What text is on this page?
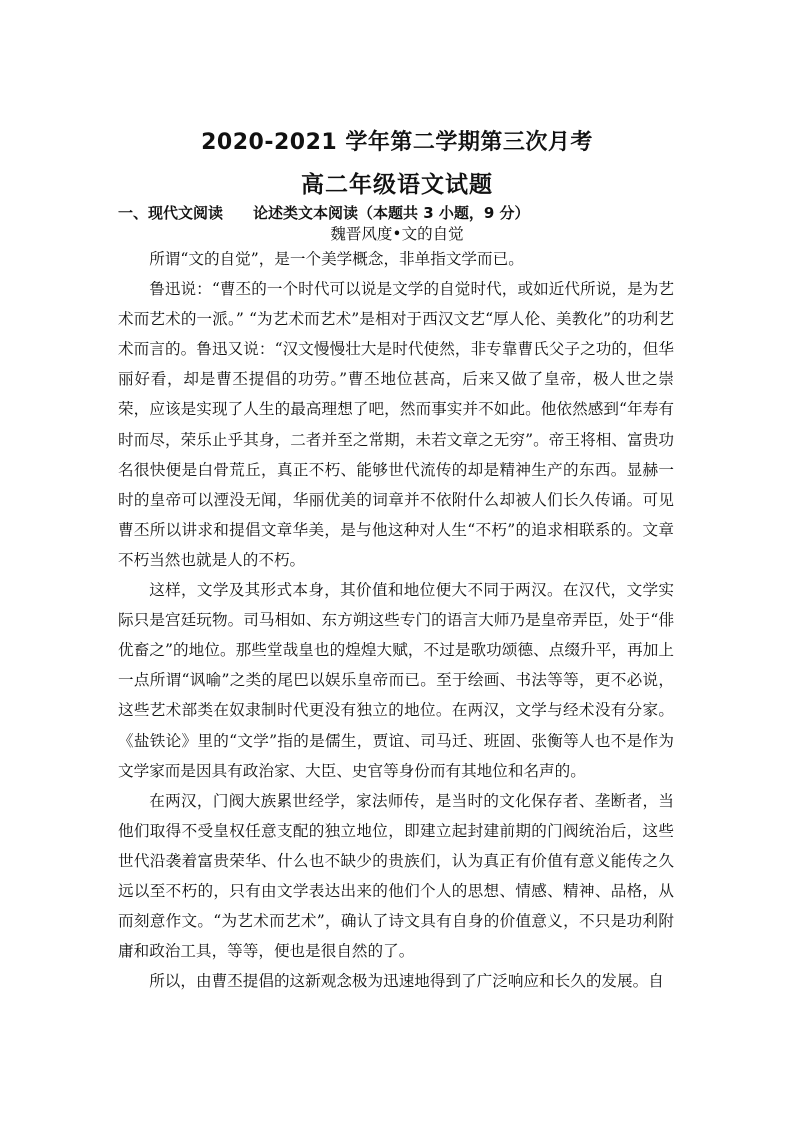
2020-2021 学年第二学期第三次月考
高二年级语文试题
一、现代文阅读 论述类文本阅读（本题共 3 小题，9 分）
魏晋风度•文的自觉

所谓“文的自觉”，是一个美学概念，非单指文学而已。

鲁迅说：“曹丕的一个时代可以说是文学的自觉时代，或如近代所说，是为艺术而艺术的一派。” “为艺术而艺术”是相对于西汉文艺“厚人伦、美教化”的功利艺术而言的。鲁迅又说：“汉文慢慢壮大是时代使然，非专靠曹氏父子之功的，但华丽好看，却是曹丕提倡的功劳。”曹丕地位甚高，后来又做了皇帝，极人世之崇荣，应该是实现了人生的最高理想了吧，然而事实并不如此。他依然感到“年寿有时而尽，荣乐止乎其身，二者并至之常期，未若文章之无穷”。帝王将相、富贵功名很快便是白骨荒丘，真正不朽、能够世代流传的却是精神生产的东西。显赫一时的皇帝可以湮没无闻，华丽优美的词章并不依附什么却被人们长久传诵。可见曹丕所以讲求和提倡文章华美，是与他这种对人生“不朽”的追求相联系的。文章不朽当然也就是人的不朽。

这样，文学及其形式本身，其价值和地位便大不同于两汉。在汉代，文学实际只是宫廷玩物。司马相如、东方朔这些专门的语言大师乃是皇帝弄臣，处于“俳优畜之”的地位。那些堂哉皇也的煌煌大赋，不过是歌功颂德、点缀升平，再加上一点所谓“讽喻”之类的尾巴以娱乐皇帝而已。至于绘画、书法等等，更不必说，这些艺术部类在奴隶制时代更没有独立的地位。在两汉，文学与经术没有分家。《盐铁论》里的“文学”指的是儒生，贾谊、司马迁、班固、张衡等人也不是作为文学家而是因具有政治家、大臣、史官等身份而有其地位和名声的。

在两汉，门阀大族累世经学，家法师传，是当时的文化保存者、垄断者，当他们取得不受皇权任意支配的独立地位，即建立起封建前期的门阀统治后，这些世代沿袭着富贵荣华、什么也不缺少的贵族们，认为真正有价值有意义能传之久远以至不朽的，只有由文学表达出来的他们个人的思想、情感、精神、品格，从而刻意作文。“为艺术而艺术”，确认了诗文具有自身的价值意义，不只是功利附庸和政治工具，等等，便也是很自然的了。

所以，由曹丕提倡的这新观念极为迅速地得到了广泛响应和长久的发展。自
